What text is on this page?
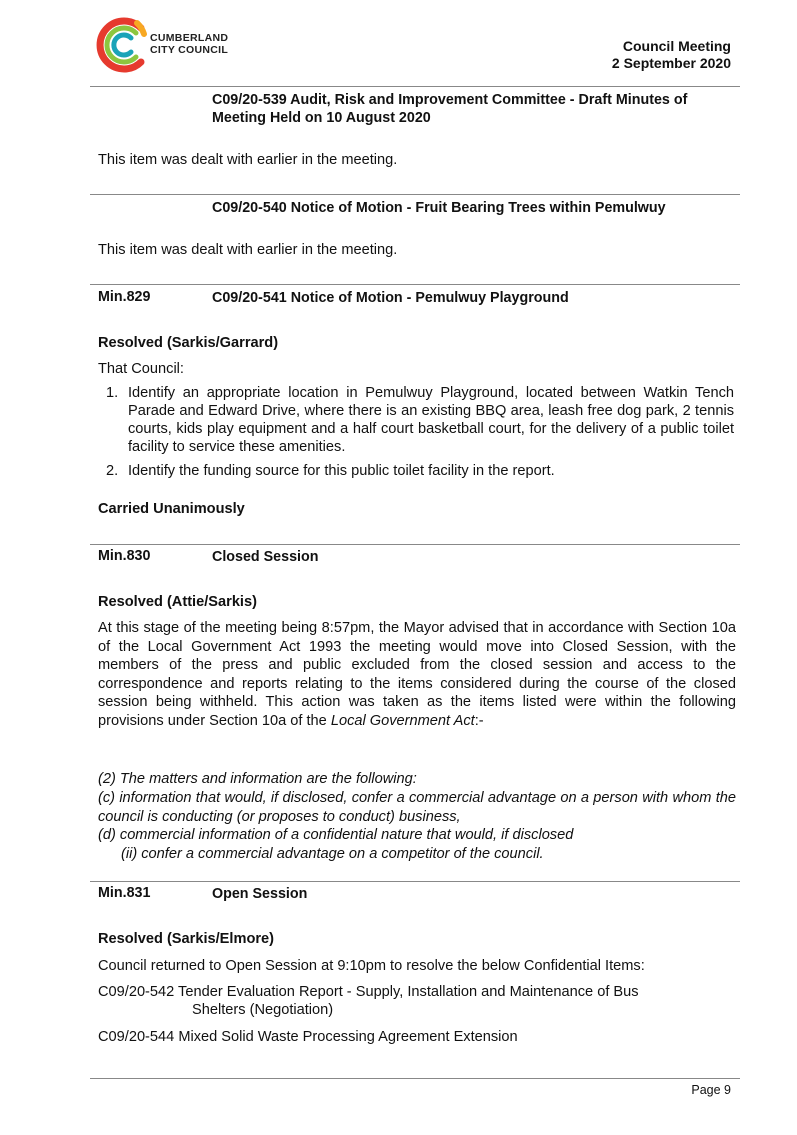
CUMBERLAND
CITY COUNCIL	Council Meeting
2 September 2020
C09/20-539 Audit, Risk and Improvement Committee - Draft Minutes of Meeting Held on 10 August 2020
This item was dealt with earlier in the meeting.
C09/20-540 Notice of Motion - Fruit Bearing Trees within Pemulwuy
This item was dealt with earlier in the meeting.
Min.829	C09/20-541 Notice of Motion - Pemulwuy Playground
Resolved (Sarkis/Garrard)
That Council:
1. Identify an appropriate location in Pemulwuy Playground, located between Watkin Tench Parade and Edward Drive, where there is an existing BBQ area, leash free dog park, 2 tennis courts, kids play equipment and a half court basketball court, for the delivery of a public toilet facility to service these amenities.
2. Identify the funding source for this public toilet facility in the report.
Carried Unanimously
Min.830	Closed Session
Resolved (Attie/Sarkis)
At this stage of the meeting being 8:57pm, the Mayor advised that in accordance with Section 10a of the Local Government Act 1993 the meeting would move into Closed Session, with the members of the press and public excluded from the closed session and access to the correspondence and reports relating to the items considered during the course of the closed session being withheld. This action was taken as the items listed were within the following provisions under Section 10a of the Local Government Act:-
(2) The matters and information are the following:
(c) information that would, if disclosed, confer a commercial advantage on a person with whom the council is conducting (or proposes to conduct) business,
(d) commercial information of a confidential nature that would, if disclosed
(ii) confer a commercial advantage on a competitor of the council.
Min.831	Open Session
Resolved (Sarkis/Elmore)
Council returned to Open Session at 9:10pm to resolve the below Confidential Items:
C09/20-542 Tender Evaluation Report - Supply, Installation and Maintenance of Bus
Shelters (Negotiation)
C09/20-544 Mixed Solid Waste Processing Agreement Extension
Page 9
